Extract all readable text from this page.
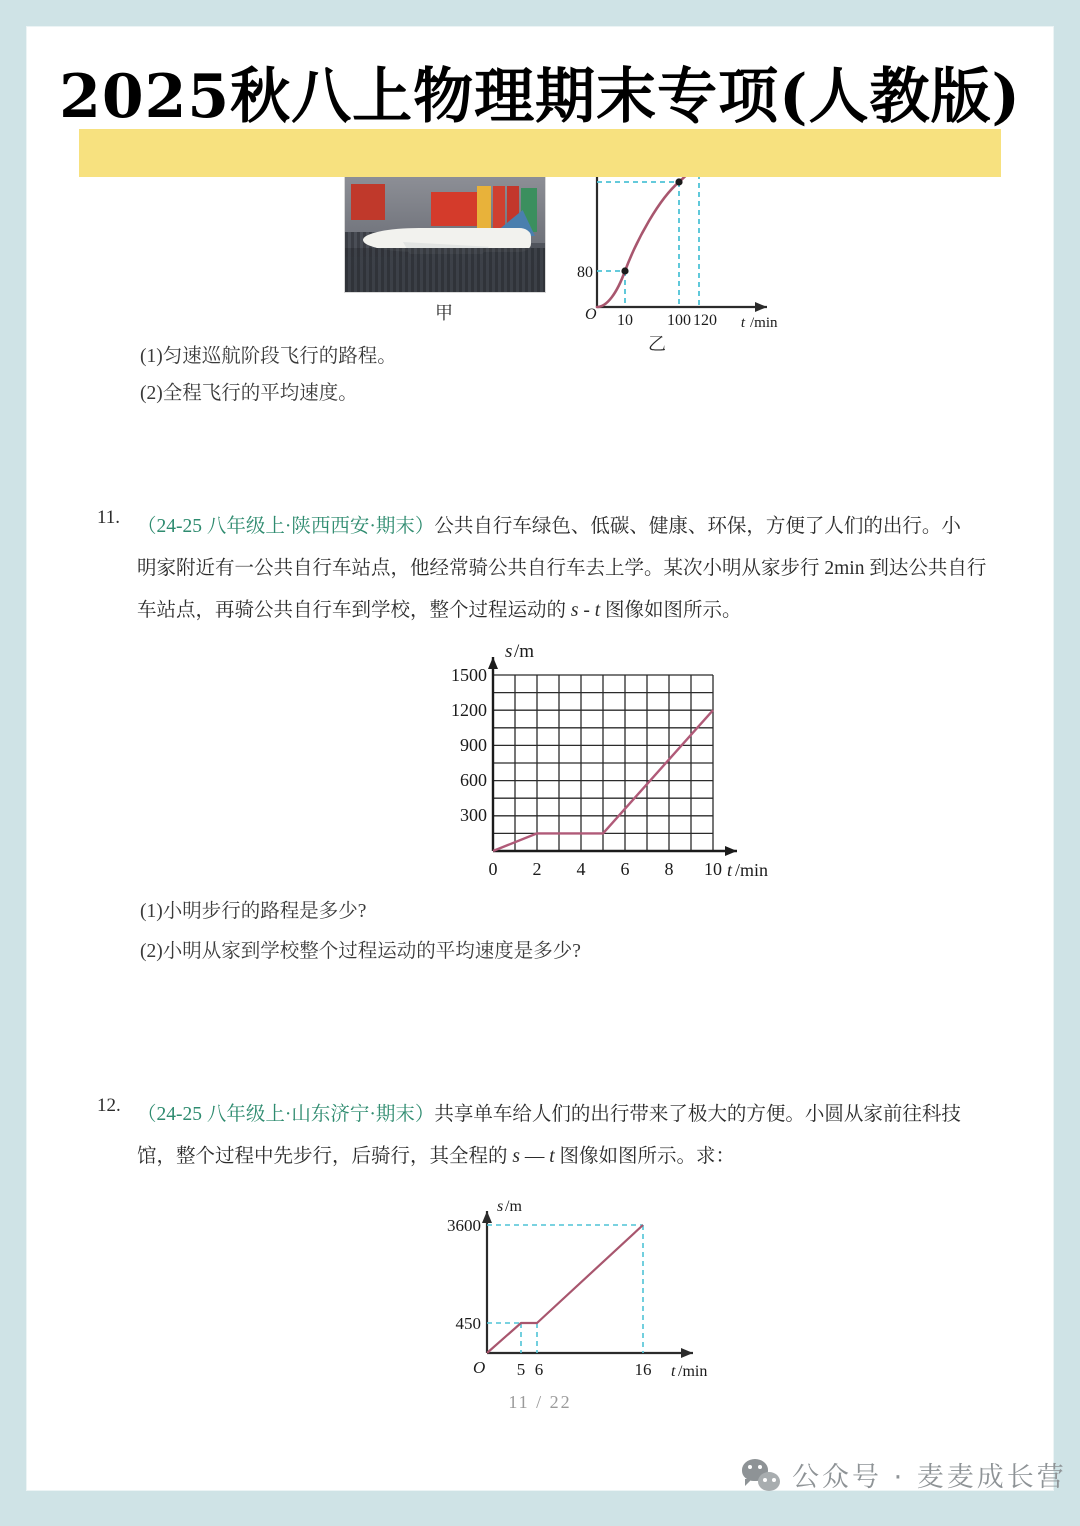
2025秋八上物理期末专项(人教版)
甲
80
O 10 100 120 t /min
乙
(1)匀速巡航阶段飞行的路程。
(2)全程飞行的平均速度。
11. （24-25 八年级上·陕西西安·期末）公共自行车绿色、低碳、健康、环保，方便了人们的出行。小
明家附近有一公共自行车站点，他经常骑公共自行车去上学。某次小明从家步行 2min 到达公共自行
车站点，再骑公共自行车到学校，整个过程运动的 s - t 图像如图所示。
1500
1200
900
600
300
s /m
0 2 4 6 8 10 t /min
(1)小明步行的路程是多少?
(2)小明从家到学校整个过程运动的平均速度是多少?
12. （24-25 八年级上·山东济宁·期末）共享单车给人们的出行带来了极大的方便。小圆从家前往科技
馆，整个过程中先步行，后骑行，其全程的 s — t 图像如图所示。求：
s /m
3600
450
O 5 6	16 t /min
11 / 22
公众号 · 麦麦成长营
